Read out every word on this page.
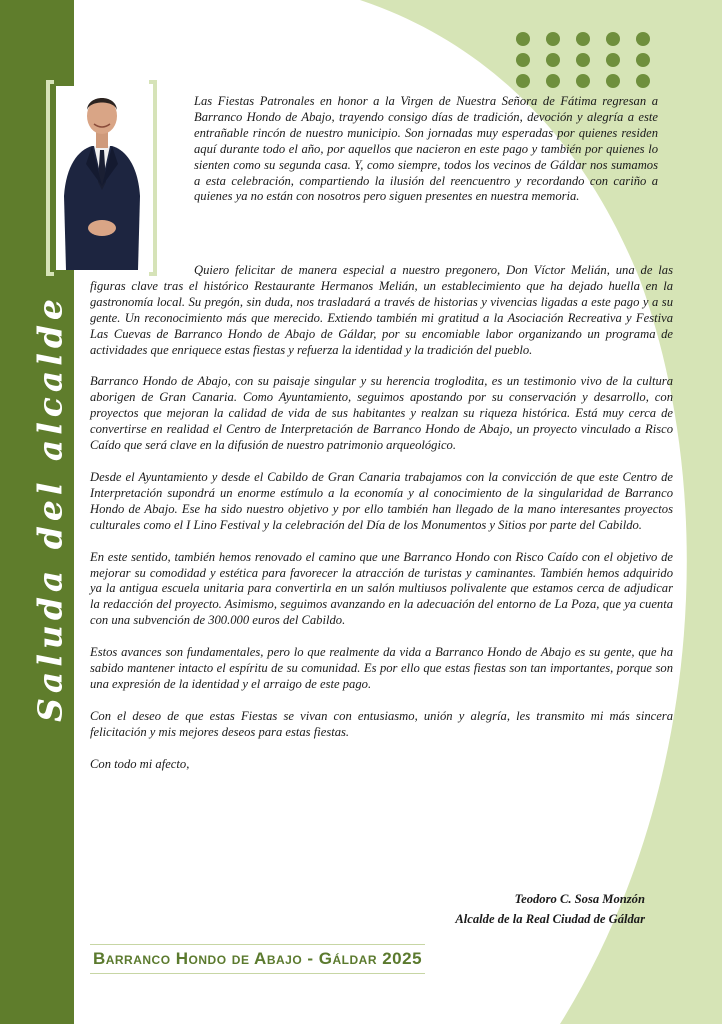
Saluda del alcalde

Las Fiestas Patronales en honor a la Virgen de Nuestra Señora de Fátima regresan a Barranco Hondo de Abajo, trayendo consigo días de tradición, devoción y alegría a este entrañable rincón de nuestro municipio. Son jornadas muy esperadas por quienes residen aquí durante todo el año, por aquellos que nacieron en este pago y también por quienes lo sienten como su segunda casa. Y, como siempre, todos los vecinos de Gáldar nos sumamos a esta celebración, compartiendo la ilusión del reencuentro y recordando con cariño a quienes ya no están con nosotros pero siguen presentes en nuestra memoria.

Quiero felicitar de manera especial a nuestro pregonero, Don Víctor Melián, una de las figuras clave tras el histórico Restaurante Hermanos Melián, un establecimiento que ha dejado huella en la gastronomía local. Su pregón, sin duda, nos trasladará a través de historias y vivencias ligadas a este pago y a su gente. Un reconocimiento más que merecido. Extiendo también mi gratitud a la Asociación Recreativa y Festiva Las Cuevas de Barranco Hondo de Abajo de Gáldar, por su encomiable labor organizando un programa de actividades que enriquece estas fiestas y refuerza la identidad y la tradición del pueblo.

Barranco Hondo de Abajo, con su paisaje singular y su herencia troglodita, es un testimonio vivo de la cultura aborigen de Gran Canaria. Como Ayuntamiento, seguimos apostando por su conservación y desarrollo, con proyectos que mejoran la calidad de vida de sus habitantes y realzan su riqueza histórica. Está muy cerca de convertirse en realidad el Centro de Interpretación de Barranco Hondo de Abajo, un proyecto vinculado a Risco Caído que será clave en la difusión de nuestro patrimonio arqueológico.

Desde el Ayuntamiento y desde el Cabildo de Gran Canaria trabajamos con la convicción de que este Centro de Interpretación supondrá un enorme estímulo a la economía y al conocimiento de la singularidad de Barranco Hondo de Abajo. Ese ha sido nuestro objetivo y por ello también han llegado de la mano interesantes proyectos culturales como el I Lino Festival y la celebración del Día de los Monumentos y Sitios por parte del Cabildo.

En este sentido, también hemos renovado el camino que une Barranco Hondo con Risco Caído con el objetivo de mejorar su comodidad y estética para favorecer la atracción de turistas y caminantes. También hemos adquirido ya la antigua escuela unitaria para convertirla en un salón multiusos polivalente que estamos cerca de adjudicar la redacción del proyecto. Asimismo, seguimos avanzando en la adecuación del entorno de La Poza, que ya cuenta con una subvención de 300.000 euros del Cabildo.

Estos avances son fundamentales, pero lo que realmente da vida a Barranco Hondo de Abajo es su gente, que ha sabido mantener intacto el espíritu de su comunidad. Es por ello que estas fiestas son tan importantes, porque son una expresión de la identidad y el arraigo de este pago.

Con el deseo de que estas Fiestas se vivan con entusiasmo, unión y alegría, les transmito mi más sincera felicitación y mis mejores deseos para estas fiestas.

Con todo mi afecto,

Teodoro C. Sosa Monzón
Alcalde de la Real Ciudad de Gáldar
Barranco Hondo de Abajo - Gáldar 2025
